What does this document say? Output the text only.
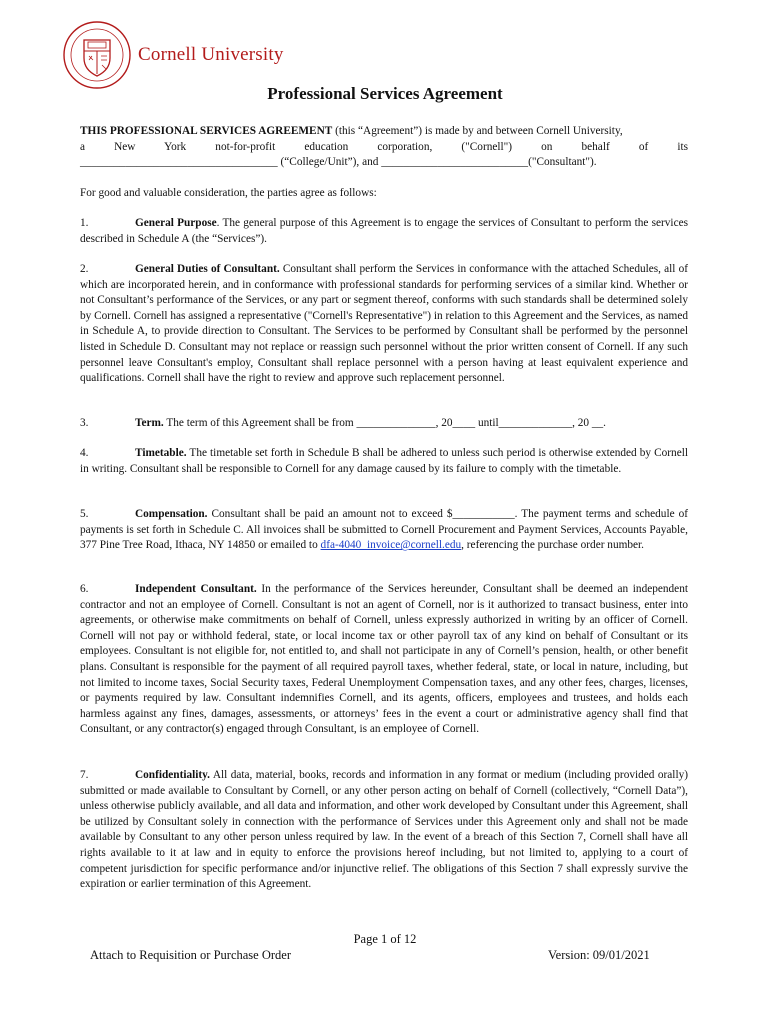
Cornell University
Professional Services Agreement

THIS PROFESSIONAL SERVICES AGREEMENT (this “Agreement”) is made by and between Cornell University,

a New York not-for-profit education corporation, ("Cornell") on behalf of its

___________________________________ (“College/Unit”), and __________________________("Consultant").

For good and valuable consideration, the parties agree as follows:

1.	General Purpose. The general purpose of this Agreement is to engage the services of Consultant to perform the services described in Schedule A (the “Services”).

2.	General Duties of Consultant. Consultant shall perform the Services in conformance with the attached Schedules, all of which are incorporated herein, and in conformance with professional standards for performing services of a similar kind. Whether or not Consultant’s performance of the Services, or any part or segment thereof, conforms with such standards shall be determined solely by Cornell. Cornell has assigned a representative ("Cornell's Representative") in relation to this Agreement and the Services, as named in Schedule A, to provide direction to Consultant. The Services to be performed by Consultant shall be performed by the personnel listed in Schedule D. Consultant may not replace or reassign such personnel without the prior written consent of Cornell. If any such personnel leave Consultant's employ, Consultant shall replace personnel with a person having at least equivalent experience and qualifications. Cornell shall have the right to review and approve such replacement personnel.

3.	Term. The term of this Agreement shall be from ______________, 20____ until_____________, 20 __.

4.	Timetable. The timetable set forth in Schedule B shall be adhered to unless such period is otherwise extended by Cornell in writing. Consultant shall be responsible to Cornell for any damage caused by its failure to comply with the timetable.

5.	Compensation. Consultant shall be paid an amount not to exceed $___________. The payment terms and schedule of payments is set forth in Schedule C. All invoices shall be submitted to Cornell Procurement and Payment Services, Accounts Payable, 377 Pine Tree Road, Ithaca, NY 14850 or emailed to dfa-4040_invoice@cornell.edu, referencing the purchase order number.

6.	Independent Consultant. In the performance of the Services hereunder, Consultant shall be deemed an independent contractor and not an employee of Cornell. Consultant is not an agent of Cornell, nor is it authorized to transact business, enter into agreements, or otherwise make commitments on behalf of Cornell, unless expressly authorized in writing by an officer of Cornell. Cornell will not pay or withhold federal, state, or local income tax or other payroll tax of any kind on behalf of Consultant or its employees. Consultant is not eligible for, not entitled to, and shall not participate in any of Cornell’s pension, health, or other benefit plans. Consultant is responsible for the payment of all required payroll taxes, whether federal, state, or local in nature, including, but not limited to income taxes, Social Security taxes, Federal Unemployment Compensation taxes, and any other fees, charges, licenses, or payments required by law. Consultant indemnifies Cornell, and its agents, officers, employees and trustees, and holds each harmless against any fines, damages, assessments, or attorneys’ fees in the event a court or administrative agency shall find that Consultant, or any contractor(s) engaged through Consultant, is an employee of Cornell.

7.	Confidentiality. All data, material, books, records and information in any format or medium (including provided orally) submitted or made available to Consultant by Cornell, or any other person acting on behalf of Cornell (collectively, “Cornell Data”), unless otherwise publicly available, and all data and information, and other work developed by Consultant under this Agreement, shall be utilized by Consultant solely in connection with the performance of Services under this Agreement only and shall not be made available by Consultant to any other person unless required by law. In the event of a breach of this Section 7, Cornell shall have all rights available to it at law and in equity to enforce the provisions hereof including, but not limited to, applying to a court of competent jurisdiction for specific performance and/or injunctive relief. The obligations of this Section 7 shall expressly survive the expiration or earlier termination of this Agreement.

Page 1 of 12
Attach to Requisition or Purchase Order	Version: 09/01/2021
